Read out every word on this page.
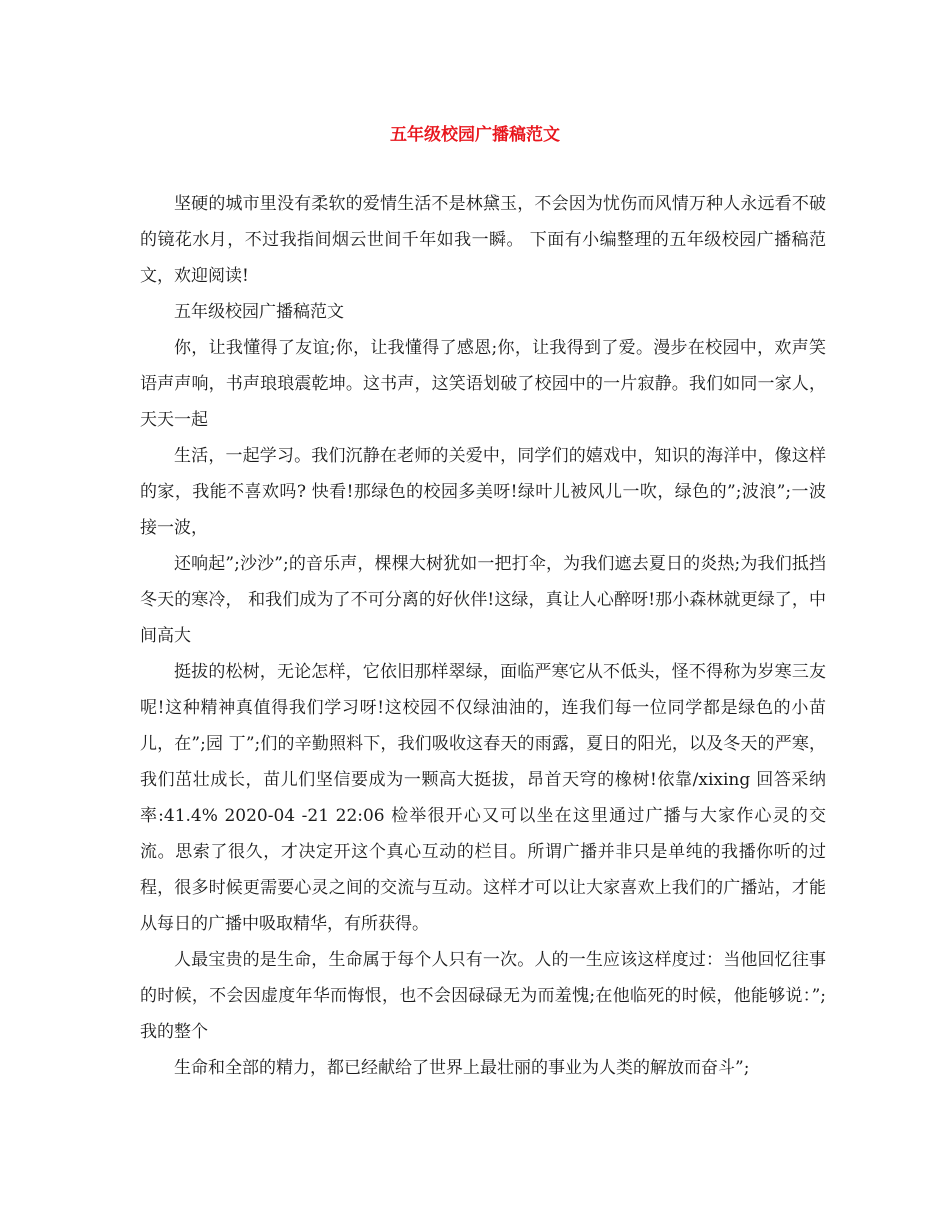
五年级校园广播稿范文

坚硬的城市里没有柔软的爱情生活不是林黛玉，不会因为忧伤而风情万种人永远看不破的镜花水月，不过我指间烟云世间千年如我一瞬。 下面有小编整理的五年级校园广播稿范文，欢迎阅读!

五年级校园广播稿范文

你，让我懂得了友谊;你，让我懂得了感恩;你，让我得到了爱。漫步在校园中，欢声笑语声声响，书声琅琅震乾坤。这书声，这笑语划破了校园中的一片寂静。我们如同一家人，天天一起

生活，一起学习。我们沉静在老师的关爱中，同学们的嬉戏中，知识的海洋中，像这样的家，我能不喜欢吗? 快看!那绿色的校园多美呀!绿叶儿被风儿一吹，绿色的”;波浪”;一波接一波，

还响起”;沙沙”;的音乐声，棵棵大树犹如一把打伞，为我们遮去夏日的炎热;为我们抵挡冬天的寒冷， 和我们成为了不可分离的好伙伴!这绿，真让人心醉呀!那小森林就更绿了，中间高大

挺拔的松树，无论怎样，它依旧那样翠绿，面临严寒它从不低头，怪不得称为岁寒三友呢!这种精神真值得我们学习呀!这校园不仅绿油油的，连我们每一位同学都是绿色的小苗儿，在”;园 丁”;们的辛勤照料下，我们吸收这春天的雨露，夏日的阳光，以及冬天的严寒，我们茁壮成长，苗儿们坚信要成为一颗高大挺拔，昂首天穹的橡树!依靠/xixing 回答采纳率:41.4% 2020-04 -21 22:06 检举很开心又可以坐在这里通过广播与大家作心灵的交流。思索了很久，才决定开这个真心互动的栏目。所谓广播并非只是单纯的我播你听的过程，很多时候更需要心灵之间的交流与互动。这样才可以让大家喜欢上我们的广播站，才能从每日的广播中吸取精华，有所获得。

人最宝贵的是生命，生命属于每个人只有一次。人的一生应该这样度过：当他回忆往事的时候，不会因虚度年华而悔恨，也不会因碌碌无为而羞愧;在他临死的时候，他能够说：”;我的整个

生命和全部的精力，都已经献给了世界上最壮丽的事业为人类的解放而奋斗”;
